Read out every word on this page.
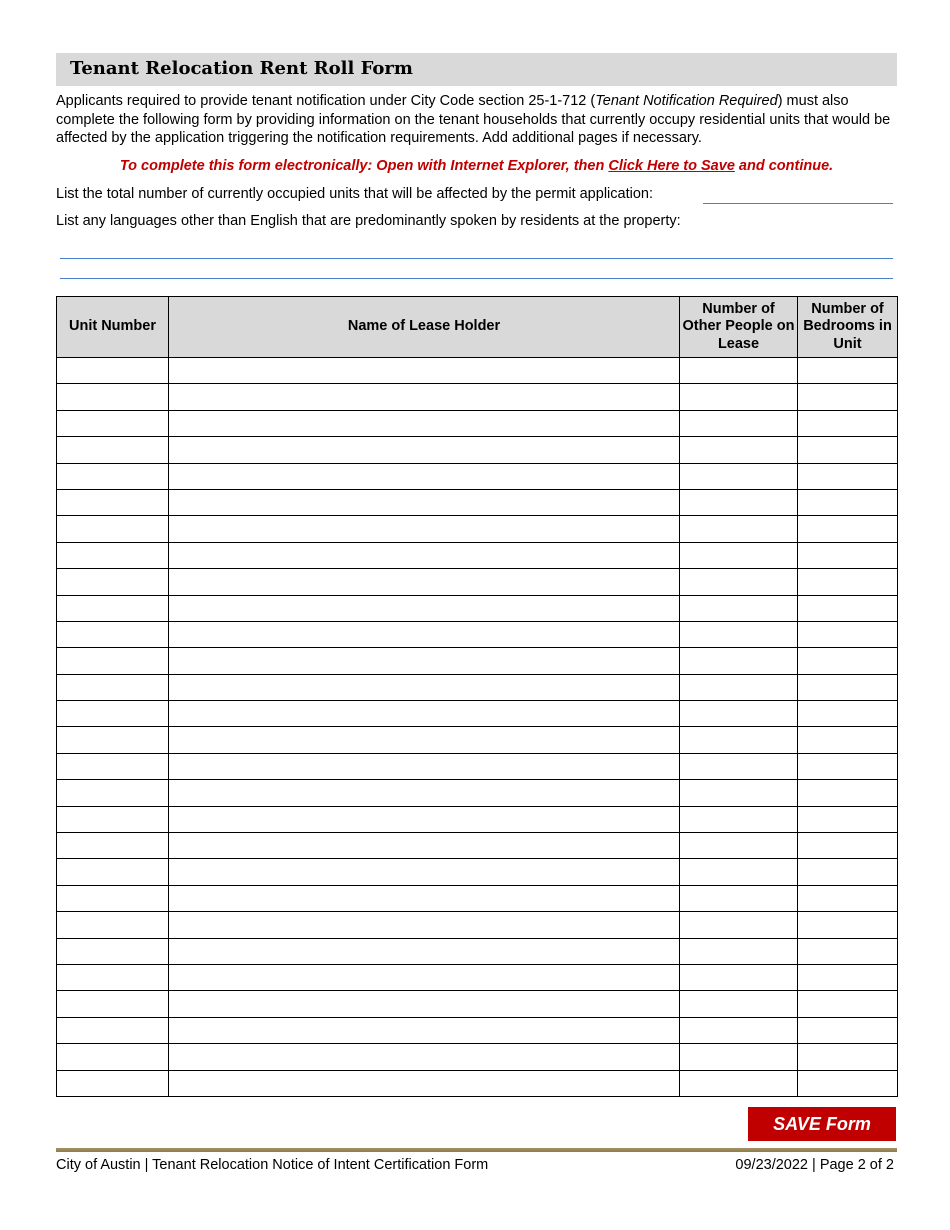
Tenant Relocation Rent Roll Form

Applicants required to provide tenant notification under City Code section 25-1-712 (Tenant Notification Required) must also complete the following form by providing information on the tenant households that currently occupy residential units that would be affected by the application triggering the notification requirements. Add additional pages if necessary.

To complete this form electronically: Open with Internet Explorer, then Click Here to Save and continue.
List the total number of currently occupied units that will be affected by the permit application:
List any languages other than English that are predominantly spoken by residents at the property:
Unit Number	Name of Lease Holder	Number of Other People on Lease	Number of Bedrooms in Unit

SAVE Form
City of Austin | Tenant Relocation Notice of Intent Certification Form	09/23/2022 | Page 2 of 2
